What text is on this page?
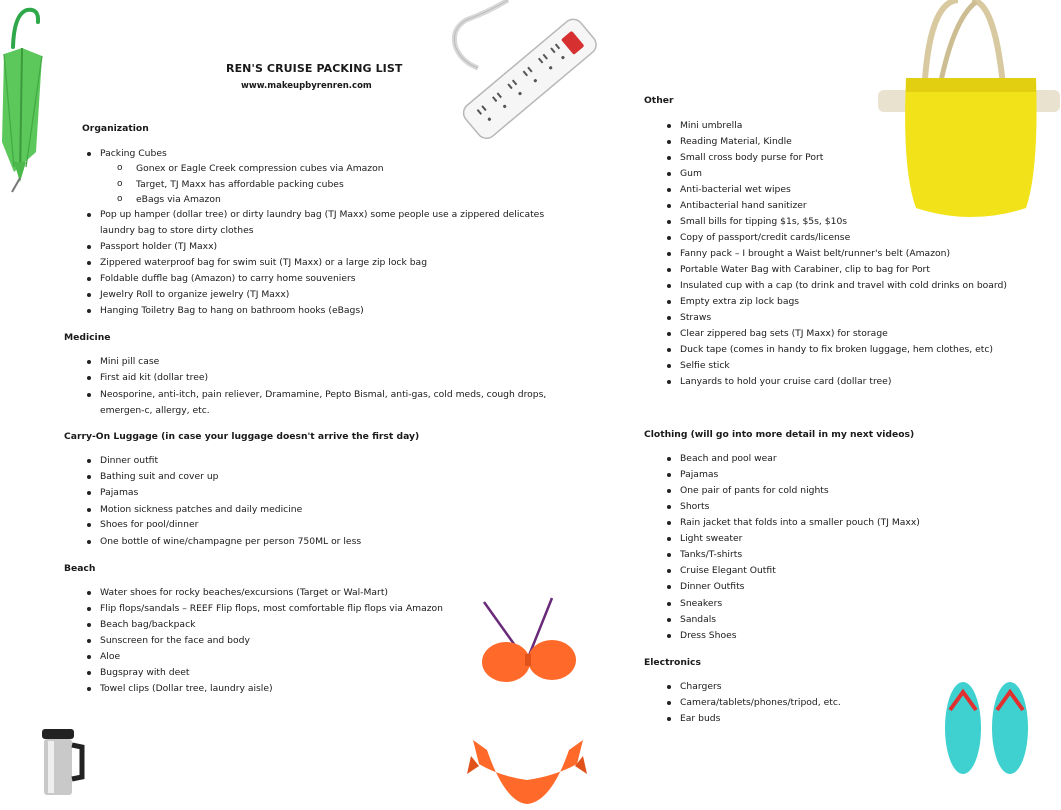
REN'S CRUISE PACKING LIST
www.makeupbyrenren.com
Organization
Packing Cubes
o Gonex or Eagle Creek compression cubes via Amazon
o Target, TJ Maxx has affordable packing cubes
o eBags via Amazon
Pop up hamper (dollar tree) or dirty laundry bag (TJ Maxx) some people use a zippered delicates
laundry bag to store dirty clothes
Passport holder (TJ Maxx)
Zippered waterproof bag for swim suit (TJ Maxx) or a large zip lock bag
Foldable duffle bag (Amazon) to carry home souveniers
Jewelry Roll to organize jewelry (TJ Maxx)
Hanging Toiletry Bag to hang on bathroom hooks (eBags)
Medicine
Mini pill case
First aid kit (dollar tree)
Neosporine, anti-itch, pain reliever, Dramamine, Pepto Bismal, anti-gas, cold meds, cough drops,
emergen-c, allergy, etc.
Carry-On Luggage (in case your luggage doesn't arrive the first day)
Dinner outfit
Bathing suit and cover up
Pajamas
Motion sickness patches and daily medicine
Shoes for pool/dinner
One bottle of wine/champagne per person 750ML or less
Beach
Water shoes for rocky beaches/excursions (Target or Wal-Mart)
Flip flops/sandals – REEF Flip flops, most comfortable flip flops via Amazon
Beach bag/backpack
Sunscreen for the face and body
Aloe
Bugspray with deet
Towel clips (Dollar tree, laundry aisle)
Other
Mini umbrella
Reading Material, Kindle
Small cross body purse for Port
Gum
Anti-bacterial wet wipes
Antibacterial hand sanitizer
Small bills for tipping $1s, $5s, $10s
Copy of passport/credit cards/license
Fanny pack – I brought a Waist belt/runner's belt (Amazon)
Portable Water Bag with Carabiner, clip to bag for Port
Insulated cup with a cap (to drink and travel with cold drinks on board)
Empty extra zip lock bags
Straws
Clear zippered bag sets (TJ Maxx) for storage
Duck tape (comes in handy to fix broken luggage, hem clothes, etc)
Selfie stick
Lanyards to hold your cruise card (dollar tree)
Clothing (will go into more detail in my next videos)
Beach and pool wear
Pajamas
One pair of pants for cold nights
Shorts
Rain jacket that folds into a smaller pouch (TJ Maxx)
Light sweater
Tanks/T-shirts
Cruise Elegant Outfit
Dinner Outfits
Sneakers
Sandals
Dress Shoes
Electronics
Chargers
Camera/tablets/phones/tripod, etc.
Ear buds
